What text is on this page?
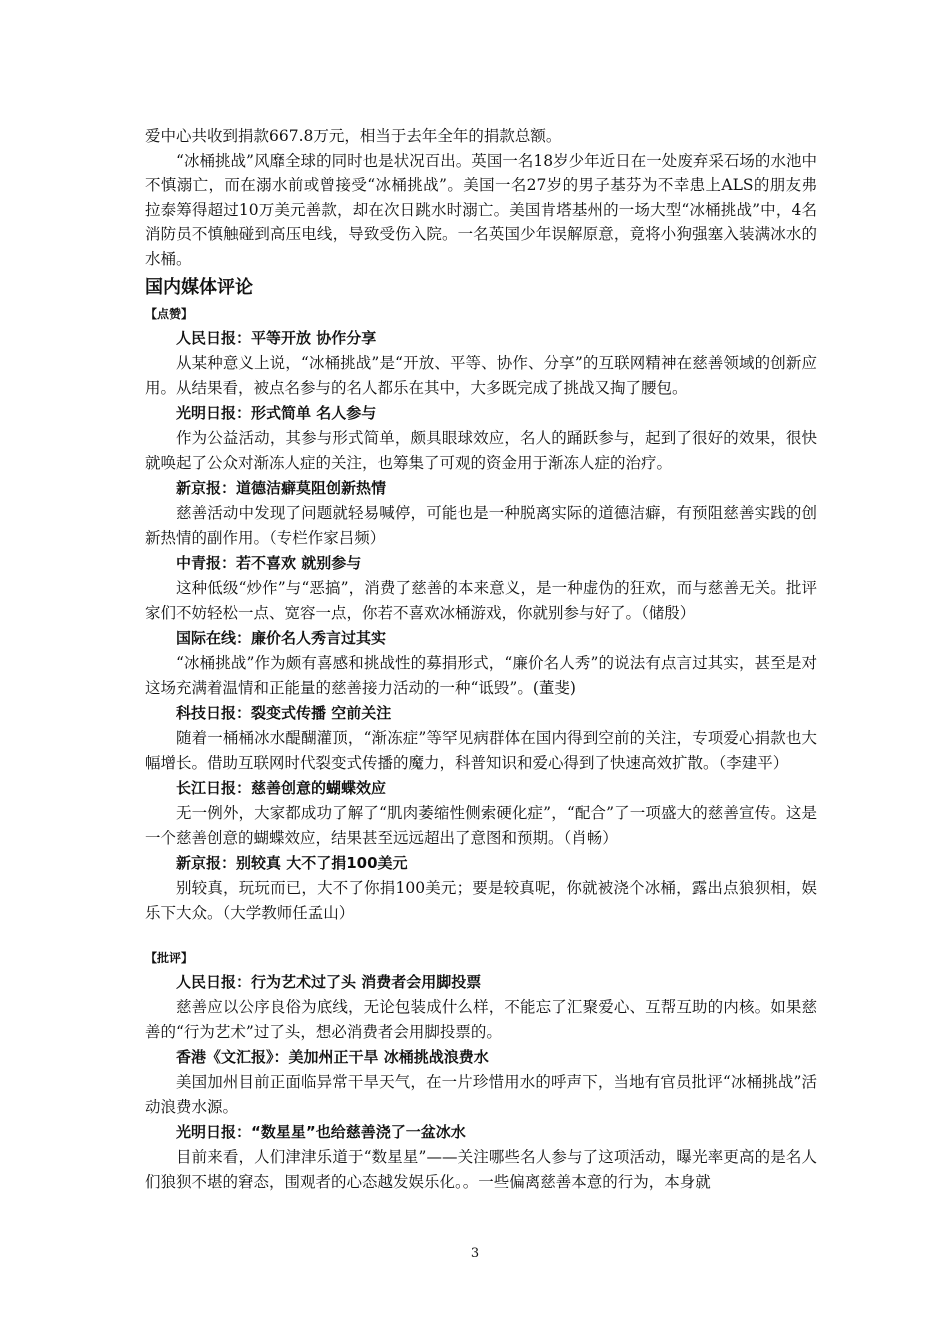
爱中心共收到捐款667.8万元，相当于去年全年的捐款总额。

“冰桶挑战”风靡全球的同时也是状况百出。英国一名18岁少年近日在一处废弃采石场的水池中不慎溺亡，而在溺水前或曾接受“冰桶挑战”。美国一名27岁的男子基芬为不幸患上ALS的朋友弗拉泰筹得超过10万美元善款，却在次日跳水时溺亡。美国肯塔基州的一场大型“冰桶挑战”中，4名消防员不慎触碰到高压电线，导致受伤入院。一名英国少年误解原意，竟将小狗强塞入装满冰水的水桶。

国内媒体评论
【点赞】
人民日报：平等开放 协作分享

从某种意义上说，“冰桶挑战”是“开放、平等、协作、分享”的互联网精神在慈善领域的创新应用。从结果看，被点名参与的名人都乐在其中，大多既完成了挑战又掏了腰包。

光明日报：形式简单 名人参与

作为公益活动，其参与形式简单，颇具眼球效应，名人的踊跃参与，起到了很好的效果，很快就唤起了公众对渐冻人症的关注，也筹集了可观的资金用于渐冻人症的治疗。

新京报：道德洁癖莫阻创新热情

慈善活动中发现了问题就轻易喊停，可能也是一种脱离实际的道德洁癖，有预阻慈善实践的创新热情的副作用。（专栏作家吕频）

中青报：若不喜欢 就别参与

这种低级“炒作”与“恶搞”，消费了慈善的本来意义，是一种虚伪的狂欢，而与慈善无关。批评家们不妨轻松一点、宽容一点，你若不喜欢冰桶游戏，你就别参与好了。（储殷）

国际在线：廉价名人秀言过其实

“冰桶挑战”作为颇有喜感和挑战性的募捐形式，“廉价名人秀”的说法有点言过其实，甚至是对这场充满着温情和正能量的慈善接力活动的一种“诋毁”。(董斐)

科技日报：裂变式传播 空前关注

随着一桶桶冰水醍醐灌顶，“渐冻症”等罕见病群体在国内得到空前的关注，专项爱心捐款也大幅增长。借助互联网时代裂变式传播的魔力，科普知识和爱心得到了快速高效扩散。（李建平）

长江日报：慈善创意的蝴蝶效应

无一例外，大家都成功了解了“肌肉萎缩性侧索硬化症”，“配合”了一项盛大的慈善宣传。这是一个慈善创意的蝴蝶效应，结果甚至远远超出了意图和预期。（肖畅）

新京报：别较真 大不了捐100美元

别较真，玩玩而已，大不了你捐100美元；要是较真呢，你就被浇个冰桶，露出点狼狈相，娱乐下大众。（大学教师任孟山）

【批评】
人民日报：行为艺术过了头 消费者会用脚投票

慈善应以公序良俗为底线，无论包装成什么样，不能忘了汇聚爱心、互帮互助的内核。如果慈善的“行为艺术”过了头，想必消费者会用脚投票的。

香港《文汇报》：美加州正干旱 冰桶挑战浪费水

美国加州目前正面临异常干旱天气，在一片珍惜用水的呼声下，当地有官员批评“冰桶挑战”活动浪费水源。

光明日报：“数星星”也给慈善浇了一盆冰水

目前来看，人们津津乐道于“数星星”——关注哪些名人参与了这项活动，曝光率更高的是名人们狼狈不堪的窘态，围观者的心态越发娱乐化。。一些偏离慈善本意的行为，本身就

3
